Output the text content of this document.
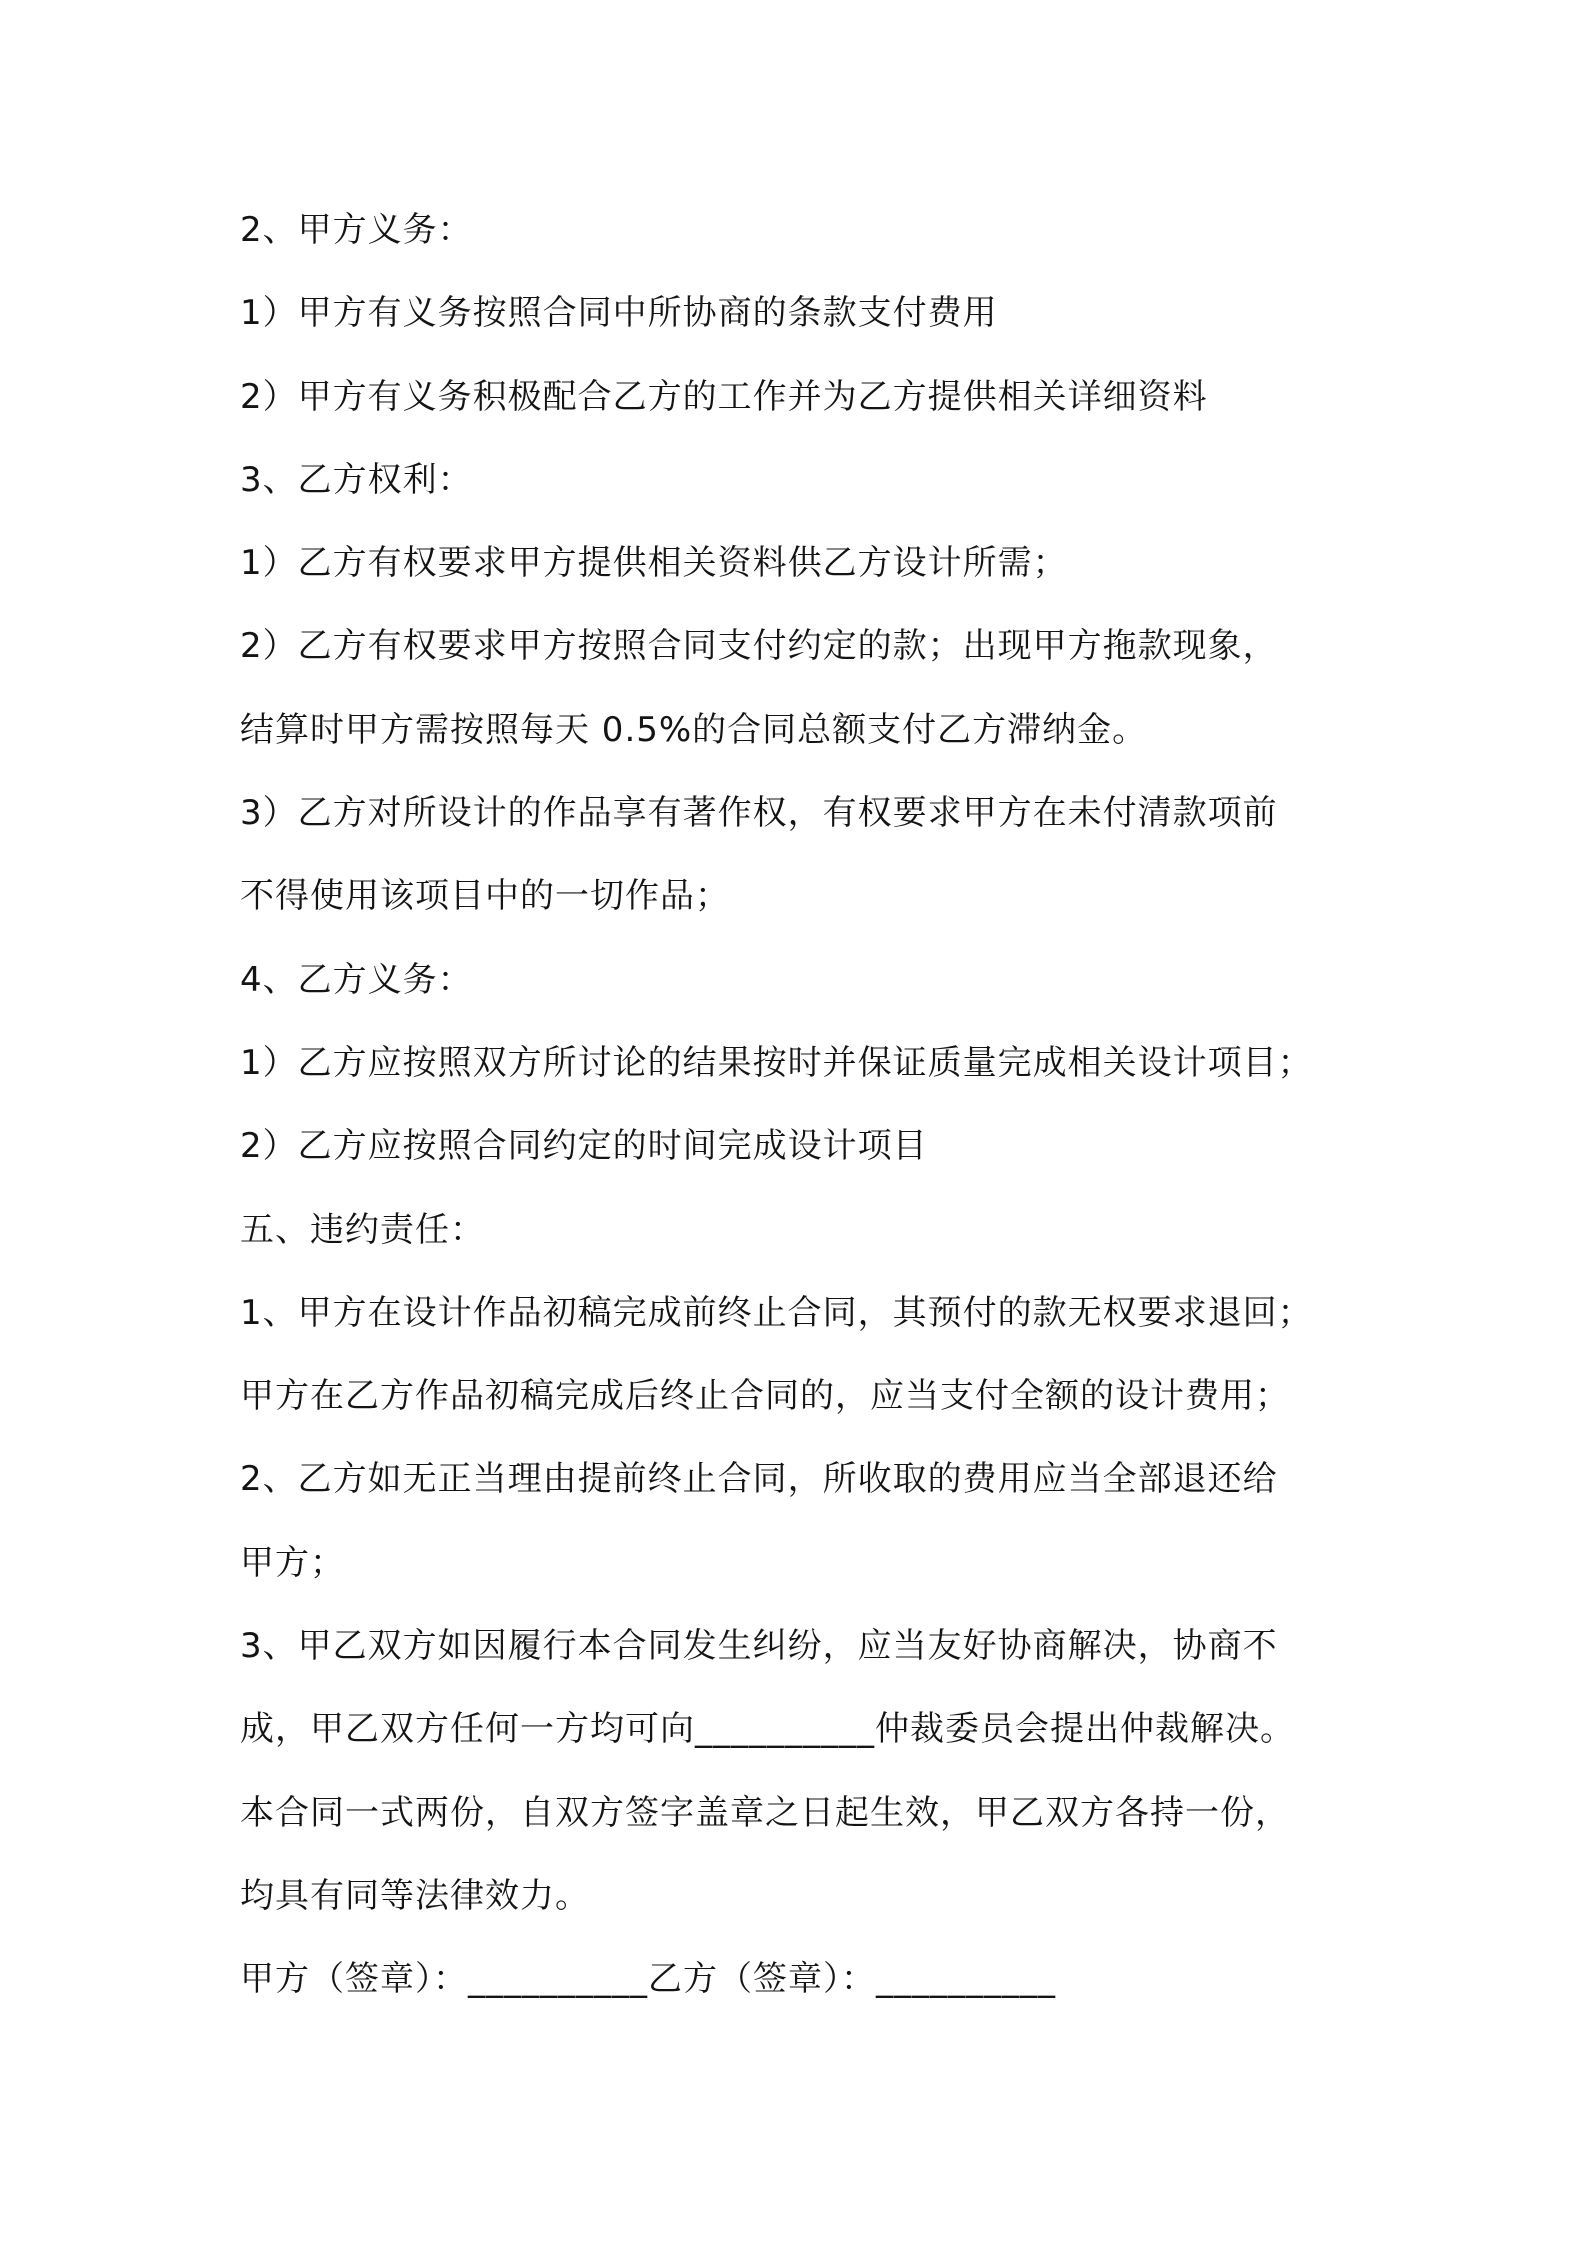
2、甲方义务：
1）甲方有义务按照合同中所协商的条款支付费用
2）甲方有义务积极配合乙方的工作并为乙方提供相关详细资料
3、乙方权利：
1）乙方有权要求甲方提供相关资料供乙方设计所需；
2）乙方有权要求甲方按照合同支付约定的款；出现甲方拖款现象，
结算时甲方需按照每天 0.5%的合同总额支付乙方滞纳金。
3）乙方对所设计的作品享有著作权，有权要求甲方在未付清款项前
不得使用该项目中的一切作品；
4、乙方义务：
1）乙方应按照双方所讨论的结果按时并保证质量完成相关设计项目；
2）乙方应按照合同约定的时间完成设计项目
五、违约责任：
1、甲方在设计作品初稿完成前终止合同，其预付的款无权要求退回；
甲方在乙方作品初稿完成后终止合同的，应当支付全额的设计费用；
2、乙方如无正当理由提前终止合同，所收取的费用应当全部退还给
甲方；
3、甲乙双方如因履行本合同发生纠纷，应当友好协商解决，协商不
成，甲乙双方任何一方均可向__________仲裁委员会提出仲裁解决。
本合同一式两份，自双方签字盖章之日起生效，甲乙双方各持一份，
均具有同等法律效力。
甲方（签章）：__________乙方（签章）：__________
